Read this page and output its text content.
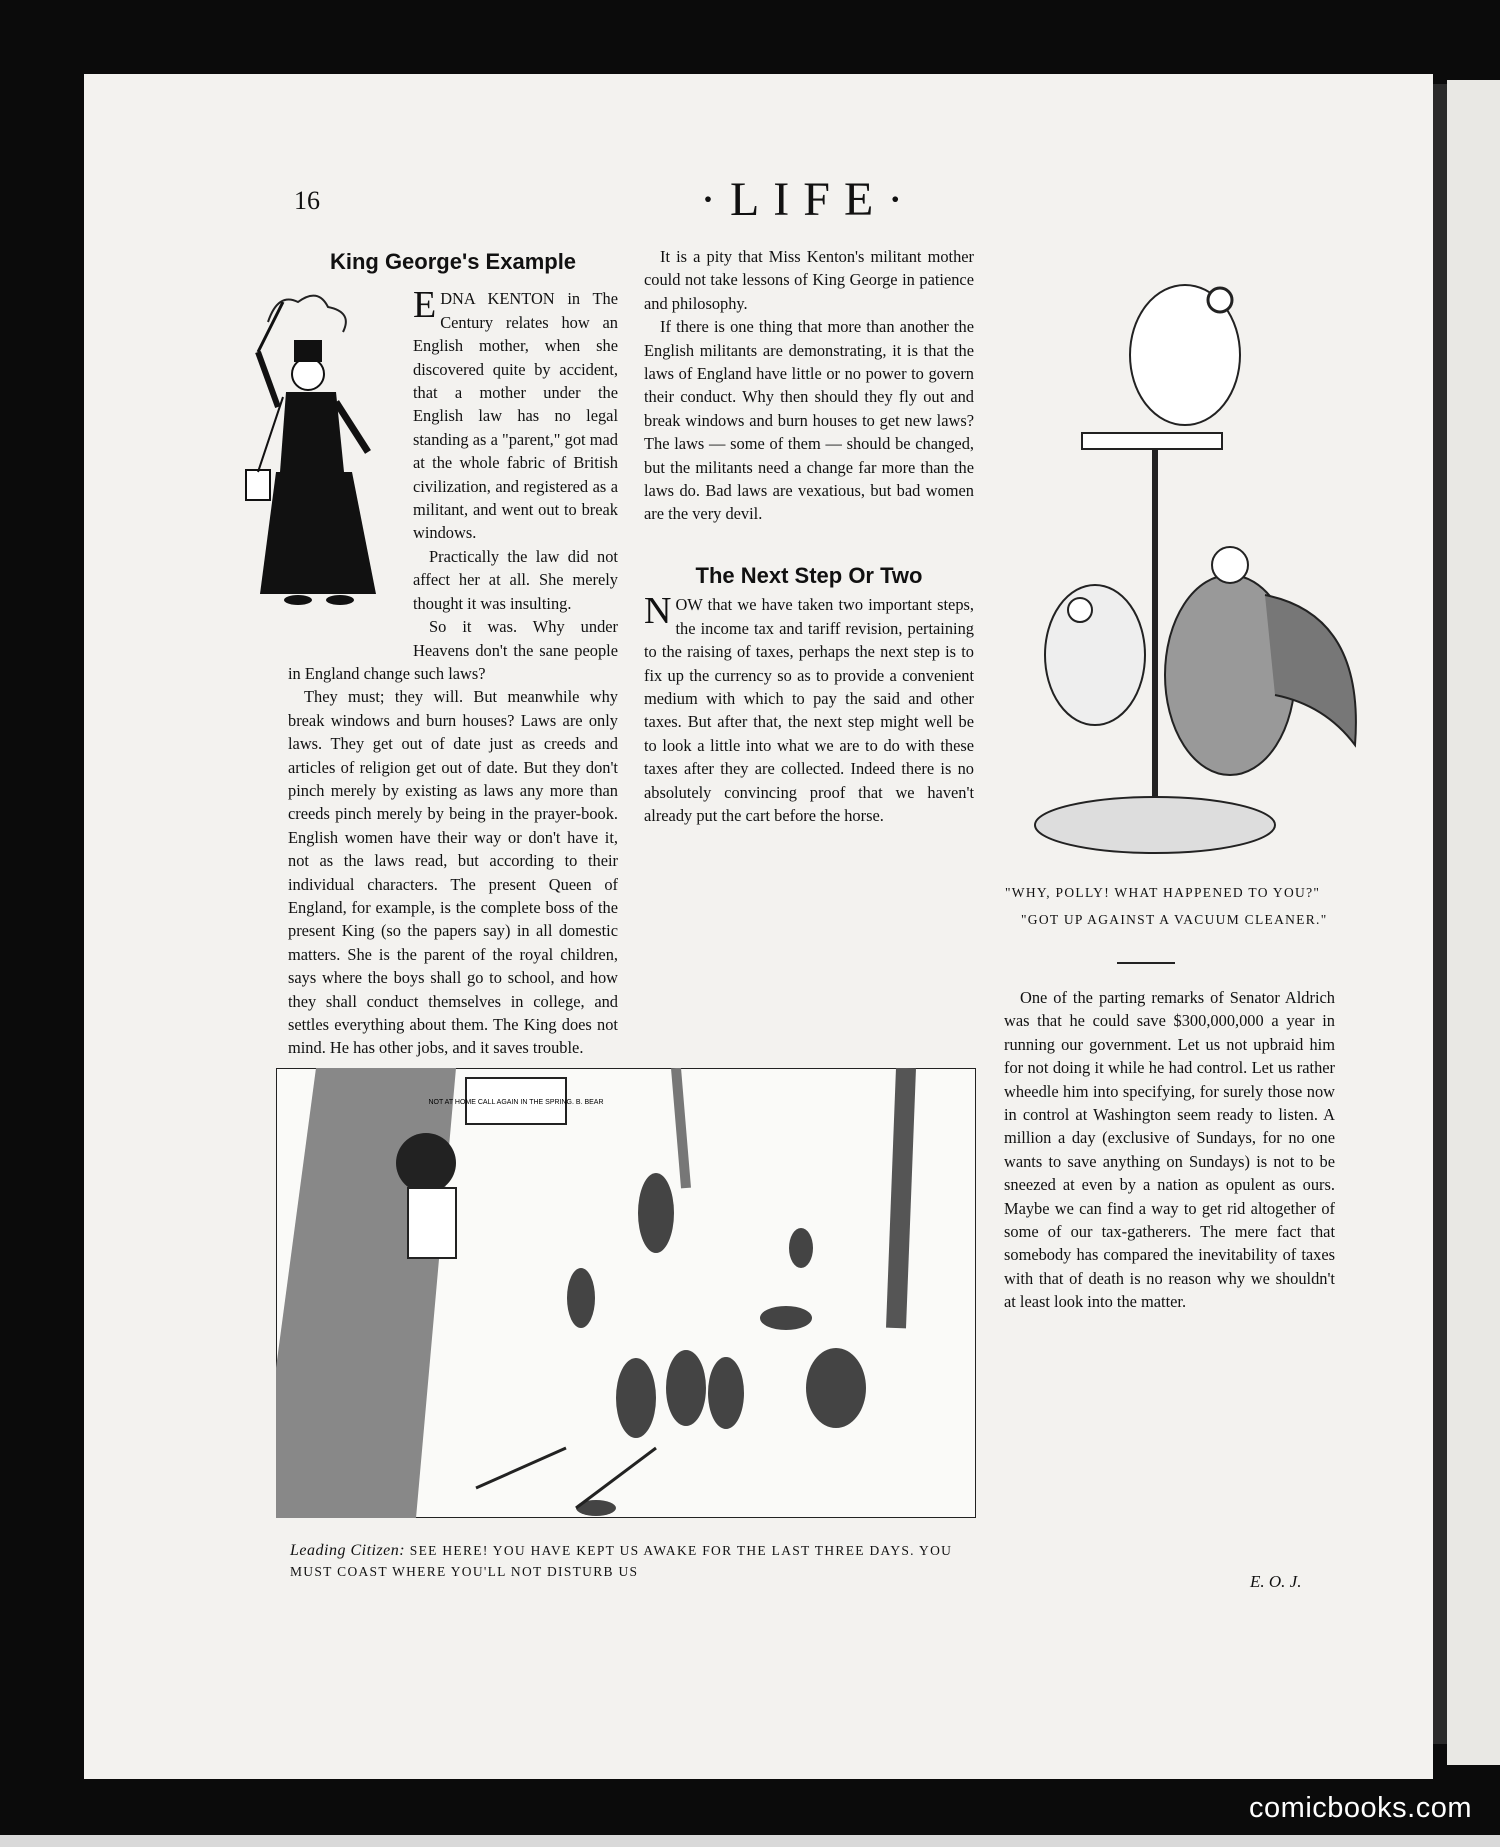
16	·LIFE·
King George's Example

EDNA KENTON in The Century relates how an English mother, when she discovered quite by accident, that a mother under the English law has no legal standing as a "parent," got mad at the whole fabric of British civilization, and registered as a militant, and went out to break windows.

Practically the law did not affect her at all. She merely thought it was insulting.

So it was. Why under Heavens don't the sane people in England change such laws?

They must; they will. But meanwhile why break windows and burn houses? Laws are only laws. They get out of date just as creeds and articles of religion get out of date. But they don't pinch merely by existing as laws any more than creeds pinch merely by being in the prayer-book. English women have their way or don't have it, not as the laws read, but according to their individual characters. The present Queen of England, for example, is the complete boss of the present King (so the papers say) in all domestic matters. She is the parent of the royal children, says where the boys shall go to school, and how they shall conduct themselves in college, and settles everything about them. The King does not mind. He has other jobs, and it saves trouble.

It is a pity that Miss Kenton's militant mother could not take lessons of King George in patience and philosophy.

If there is one thing that more than another the English militants are demonstrating, it is that the laws of England have little or no power to govern their conduct. Why then should they fly out and break windows and burn houses to get new laws? The laws — some of them — should be changed, but the militants need a change far more than the laws do. Bad laws are vexatious, but bad women are the very devil.

The Next Step Or Two

NOW that we have taken two important steps, the income tax and tariff revision, pertaining to the raising of taxes, perhaps the next step is to fix up the currency so as to provide a convenient medium with which to pay the said and other taxes. But after that, the next step might well be to look a little into what we are to do with these taxes after they are collected. Indeed there is no absolutely convincing proof that we haven't already put the cart before the horse.

"WHY, POLLY! WHAT HAPPENED TO YOU?"
"GOT UP AGAINST A VACUUM CLEANER."

One of the parting remarks of Senator Aldrich was that he could save $300,000,000 a year in running our government. Let us not upbraid him for not doing it while he had control. Let us rather wheedle him into specifying, for surely those now in control at Washington seem ready to listen. A million a day (exclusive of Sundays, for no one wants to save anything on Sundays) is not to be sneezed at even by a nation as opulent as ours. Maybe we can find a way to get rid altogether of some of our tax-gatherers. The mere fact that somebody has compared the inevitability of taxes with that of death is no reason why we shouldn't at least look into the matter.

E. O. J.
NOT AT HOME CALL AGAIN IN THE SPRING. B. BEAR
Leading Citizen: SEE HERE! YOU HAVE KEPT US AWAKE FOR THE LAST THREE DAYS. YOU MUST COAST WHERE YOU'LL NOT DISTURB US
comicbooks.com
